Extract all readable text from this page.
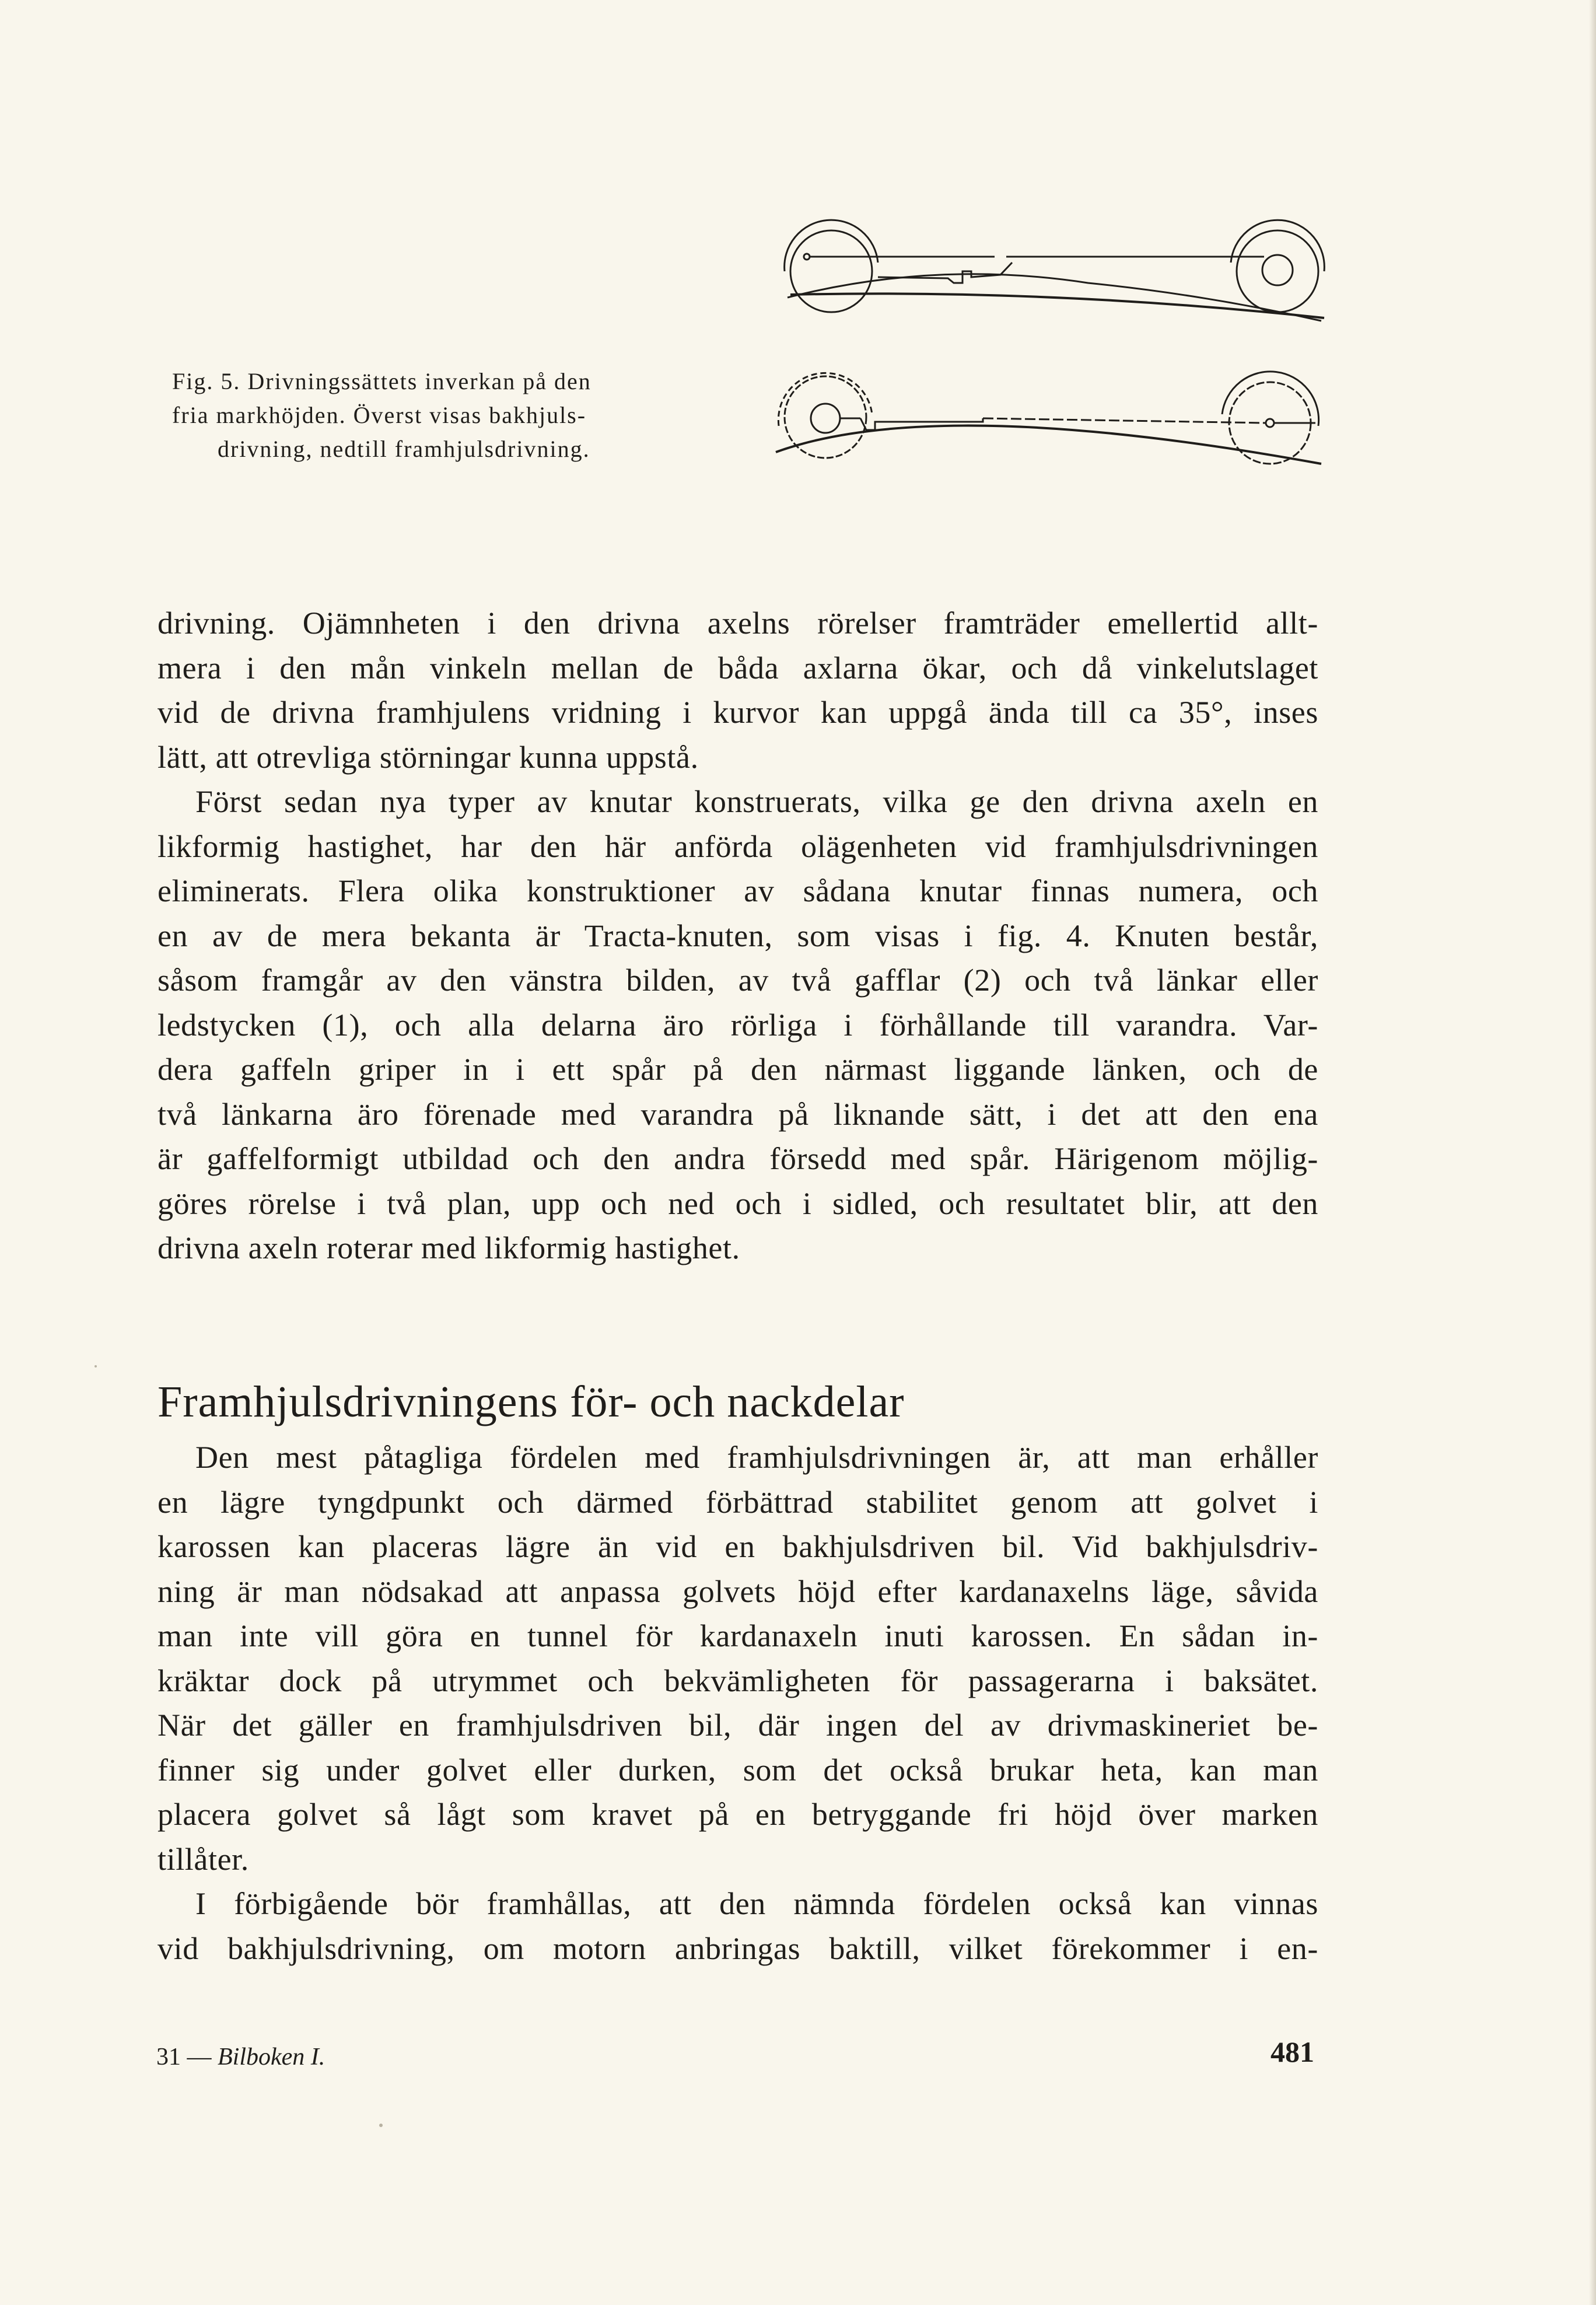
Fig. 5. Drivningssättets inverkan på den
fria markhöjden. Överst visas bakhjuls-
drivning, nedtill framhjulsdrivning.

drivning. Ojämnheten i den drivna axelns rörelser framträder emellertid allt-
mera i den mån vinkeln mellan de båda axlarna ökar, och då vinkelutslaget
vid de drivna framhjulens vridning i kurvor kan uppgå ända till ca 35°, inses
lätt, att otrevliga störningar kunna uppstå.

Först sedan nya typer av knutar konstruerats, vilka ge den drivna axeln en
likformig hastighet, har den här anförda olägenheten vid framhjulsdrivningen
eliminerats. Flera olika konstruktioner av sådana knutar finnas numera, och
en av de mera bekanta är Tracta-knuten, som visas i fig. 4. Knuten består,
såsom framgår av den vänstra bilden, av två gafflar (2) och två länkar eller
ledstycken (1), och alla delarna äro rörliga i förhållande till varandra. Var-
dera gaffeln griper in i ett spår på den närmast liggande länken, och de
två länkarna äro förenade med varandra på liknande sätt, i det att den ena
är gaffelformigt utbildad och den andra försedd med spår. Härigenom möjlig-
göres rörelse i två plan, upp och ned och i sidled, och resultatet blir, att den
drivna axeln roterar med likformig hastighet.

Framhjulsdrivningens för- och nackdelar

Den mest påtagliga fördelen med framhjulsdrivningen är, att man erhåller
en lägre tyngdpunkt och därmed förbättrad stabilitet genom att golvet i
karossen kan placeras lägre än vid en bakhjulsdriven bil. Vid bakhjulsdriv-
ning är man nödsakad att anpassa golvets höjd efter kardanaxelns läge, såvida
man inte vill göra en tunnel för kardanaxeln inuti karossen. En sådan in-
kräktar dock på utrymmet och bekvämligheten för passagerarna i baksätet.
När det gäller en framhjulsdriven bil, där ingen del av drivmaskineriet be-
finner sig under golvet eller durken, som det också brukar heta, kan man
placera golvet så lågt som kravet på en betryggande fri höjd över marken
tillåter.

I förbigående bör framhållas, att den nämnda fördelen också kan vinnas
vid bakhjulsdrivning, om motorn anbringas baktill, vilket förekommer i en-

31 — Bilboken I.	481
